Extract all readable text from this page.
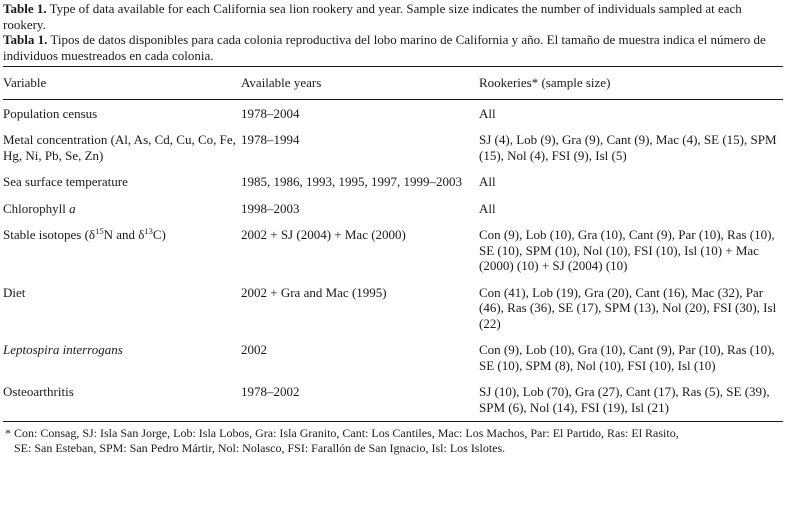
Table 1. Type of data available for each California sea lion rookery and year. Sample size indicates the number of individuals sampled at each rookery.

Tabla 1. Tipos de datos disponibles para cada colonia reproductiva del lobo marino de California y año. El tamaño de muestra indica el número de individuos muestreados en cada colonia.

Variable	Available years	Rookeries* (sample size)

Population census	1978–2004	All
Metal concentration (Al, As, Cd, Cu, Co, Fe, Hg, Ni, Pb, Se, Zn)	1978–1994	SJ (4), Lob (9), Gra (9), Cant (9), Mac (4), SE (15), SPM (15), Nol (4), FSI (9), Isl (5)
Sea surface temperature	1985, 1986, 1993, 1995, 1997, 1999–2003	All
Chlorophyll a	1998–2003	All
Stable isotopes ($\delta^{15}N$ and $\delta^{13}C$)	2002 + SJ (2004) + Mac (2000)	Con (9), Lob (10), Gra (10), Cant (9), Par (10), Ras (10), SE (10), SPM (10), Nol (10), FSI (10), Isl (10) + Mac (2000) (10) + SJ (2004) (10)
Diet	2002 + Gra and Mac (1995)	Con (41), Lob (19), Gra (20), Cant (16), Mac (32), Par (46), Ras (36), SE (17), SPM (13), Nol (20), FSI (30), Isl (22)
Leptospira interrogans	2002	Con (9), Lob (10), Gra (10), Cant (9), Par (10), Ras (10), SE (10), SPM (8), Nol (10), FSI (10), Isl (10)
Osteoarthritis	1978–2002	SJ (10), Lob (70), Gra (27), Cant (17), Ras (5), SE (39), SPM (6), Nol (14), FSI (19), Isl (21)
* Con: Consag, SJ: Isla San Jorge, Lob: Isla Lobos, Gra: Isla Granito, Cant: Los Cantiles, Mac: Los Machos, Par: El Partido, Ras: El Rasito,
SE: San Esteban, SPM: San Pedro Mártir, Nol: Nolasco, FSI: Farallón de San Ignacio, Isl: Los Islotes.
